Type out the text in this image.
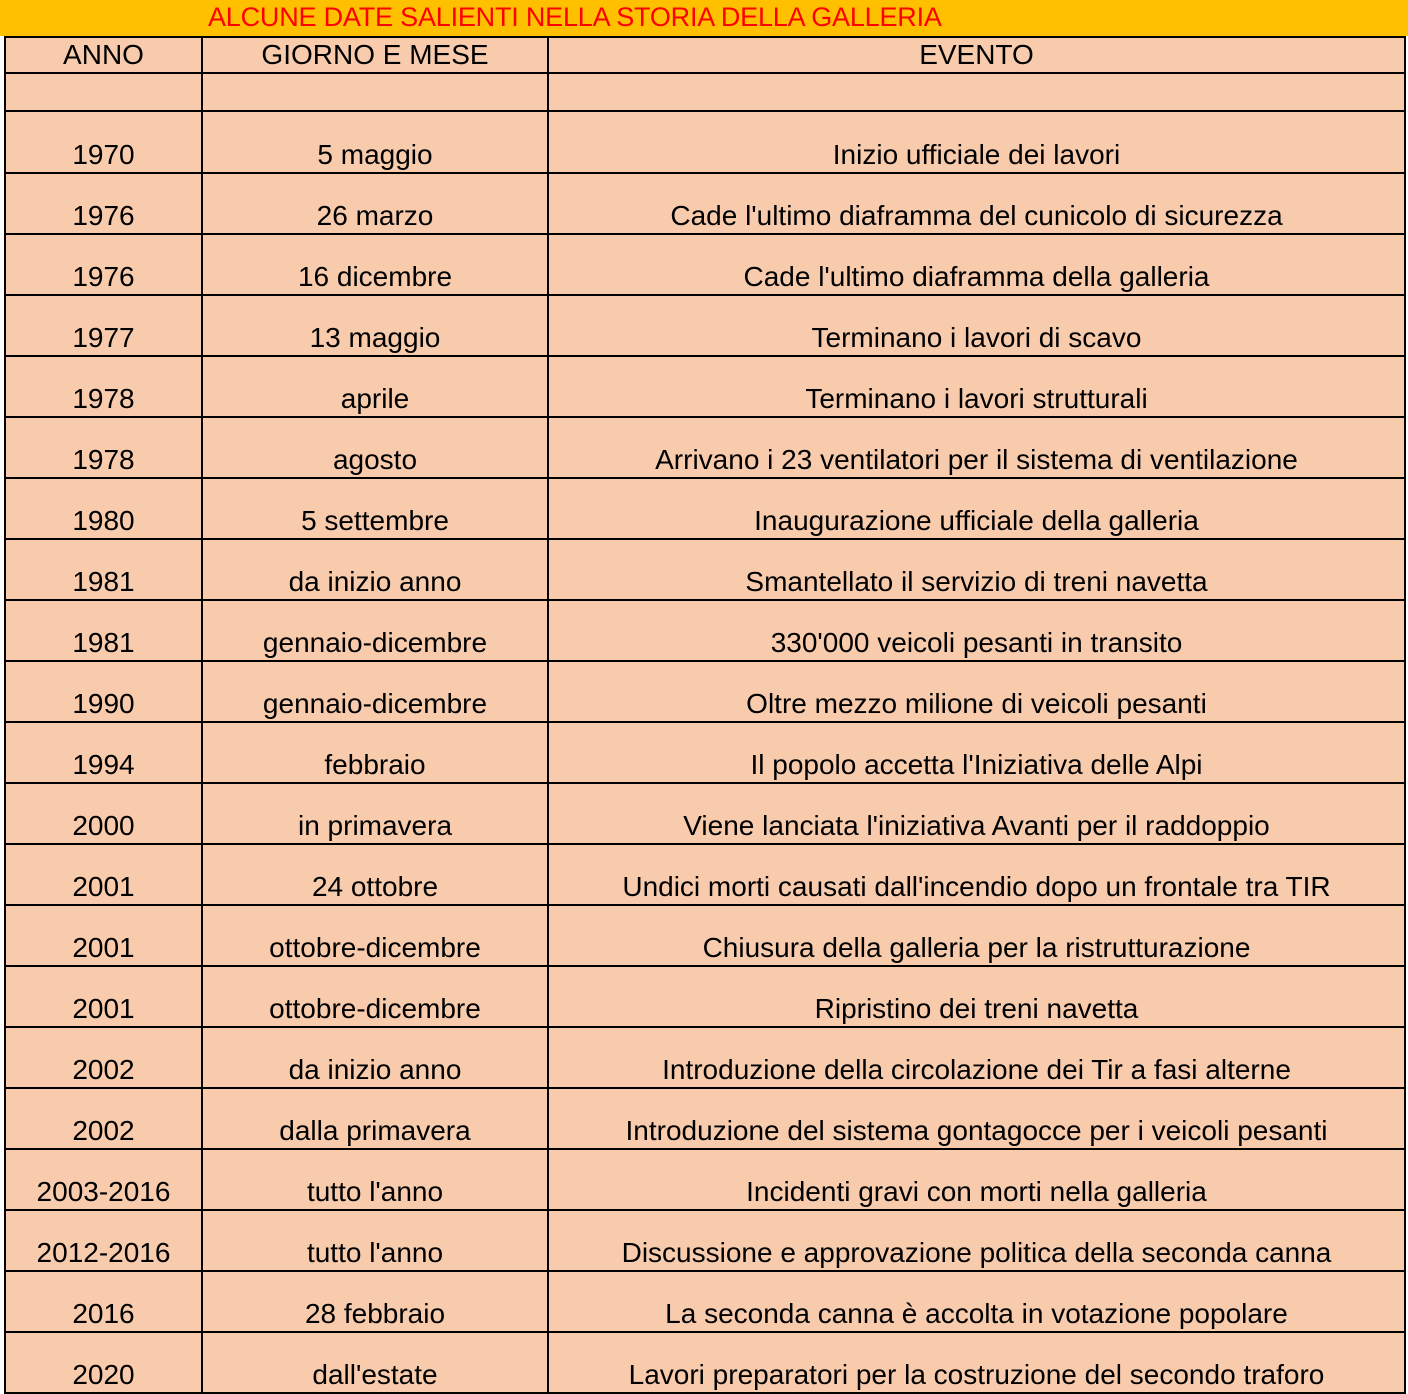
ALCUNE DATE SALIENTI NELLA STORIA DELLA GALLERIA
ANNO	GIORNO E MESE	EVENTO

1970	5 maggio	Inizio ufficiale dei lavori
1976	26 marzo	Cade l'ultimo diaframma del cunicolo di sicurezza
1976	16 dicembre	Cade l'ultimo diaframma della galleria
1977	13 maggio	Terminano i lavori di scavo
1978	aprile	Terminano i lavori strutturali
1978	agosto	Arrivano i 23 ventilatori per il sistema di ventilazione
1980	5 settembre	Inaugurazione ufficiale della galleria
1981	da inizio anno	Smantellato il servizio di treni navetta
1981	gennaio-dicembre	330'000 veicoli pesanti in transito
1990	gennaio-dicembre	Oltre mezzo milione di veicoli pesanti
1994	febbraio	Il popolo accetta l'Iniziativa delle Alpi
2000	in primavera	Viene lanciata l'iniziativa Avanti per il raddoppio
2001	24 ottobre	Undici morti causati dall'incendio dopo un frontale tra TIR
2001	ottobre-dicembre	Chiusura della galleria per la ristrutturazione
2001	ottobre-dicembre	Ripristino dei treni navetta
2002	da inizio anno	Introduzione della circolazione dei Tir a fasi alterne
2002	dalla primavera	Introduzione del sistema gontagocce per i veicoli pesanti
2003-2016	tutto l'anno	Incidenti gravi con morti nella galleria
2012-2016	tutto l'anno	Discussione e approvazione politica della seconda canna
2016	28 febbraio	La seconda canna è accolta in votazione popolare
2020	dall'estate	Lavori preparatori per la costruzione del secondo traforo
